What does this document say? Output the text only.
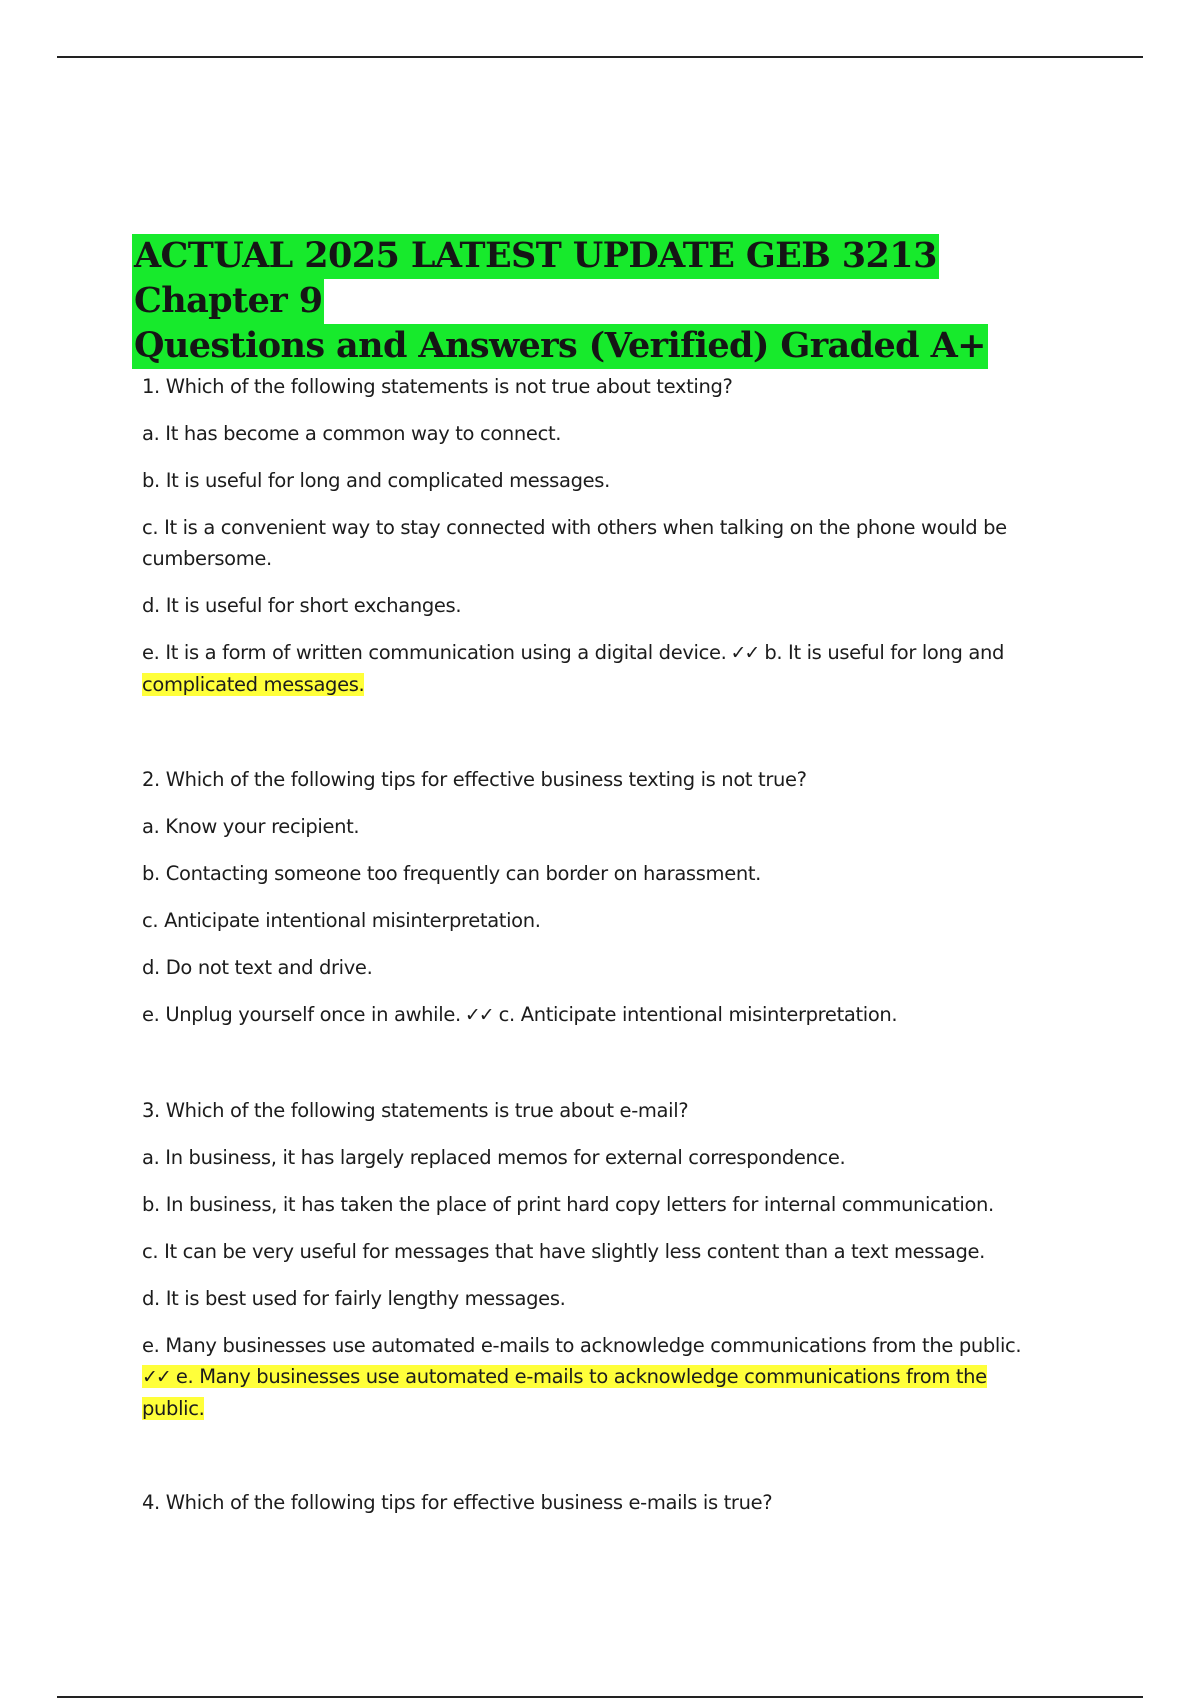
ACTUAL 2025 LATEST UPDATE GEB 3213 Chapter 9
Questions and Answers (Verified) Graded A+

1. Which of the following statements is not true about texting?

a. It has become a common way to connect.

b. It is useful for long and complicated messages.

c. It is a convenient way to stay connected with others when talking on the phone would be cumbersome.

d. It is useful for short exchanges.

e. It is a form of written communication using a digital device. ✓✓ b. It is useful for long and complicated messages.

2. Which of the following tips for effective business texting is not true?

a. Know your recipient.

b. Contacting someone too frequently can border on harassment.

c. Anticipate intentional misinterpretation.

d. Do not text and drive.

e. Unplug yourself once in awhile. ✓✓ c. Anticipate intentional misinterpretation.

3. Which of the following statements is true about e-mail?

a. In business, it has largely replaced memos for external correspondence.

b. In business, it has taken the place of print hard copy letters for internal communication.

c. It can be very useful for messages that have slightly less content than a text message.

d. It is best used for fairly lengthy messages.

e. Many businesses use automated e-mails to acknowledge communications from the public.

✓✓ e. Many businesses use automated e-mails to acknowledge communications from the public.

4. Which of the following tips for effective business e-mails is true?
